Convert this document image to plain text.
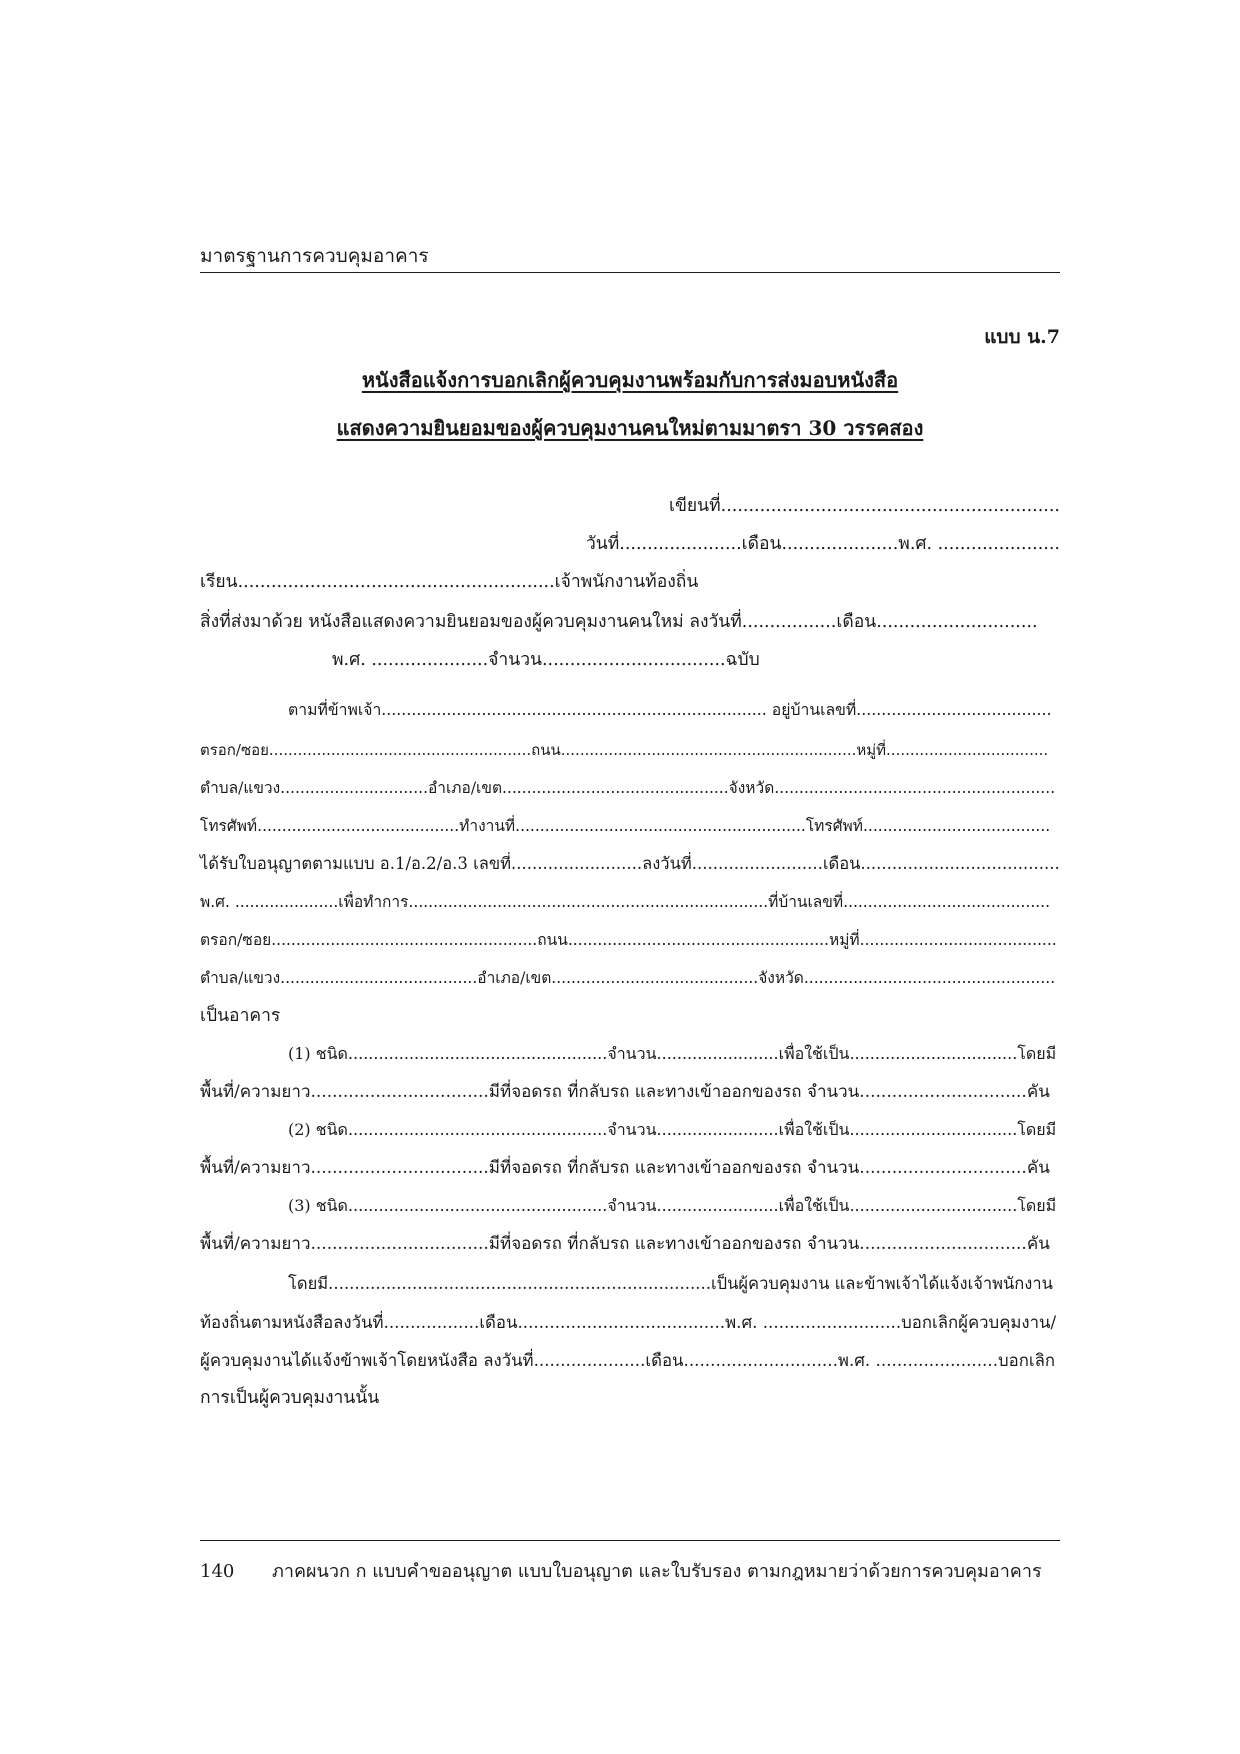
มาตรฐานการควบคุมอาคาร
แบบ น.7
หนังสือแจ้งการบอกเลิกผู้ควบคุมงานพร้อมกับการส่งมอบหนังสือ
แสดงความยินยอมของผู้ควบคุมงานคนใหม่ตามมาตรา 30 วรรคสอง
เขียนที่.............................................................
วันที่......................เดือน.....................พ.ศ. ......................
เรียน.........................................................เจ้าพนักงานท้องถิ่น
สิ่งที่ส่งมาด้วย หนังสือแสดงความยินยอมของผู้ควบคุมงานคนใหม่ ลงวันที่.................เดือน.............................
พ.ศ. .....................จำนวน.................................ฉบับ
ตามที่ข้าพเจ้า............................................................................. อยู่บ้านเลขที่.......................................
ตรอก/ซอย.......................................................ถนน..............................................................หมู่ที่..................................
ตำบล/แขวง..............................อำเภอ/เขต..............................................จังหวัด.........................................................
โทรศัพท์.........................................ทำงานที่...........................................................โทรศัพท์......................................
ได้รับใบอนุญาตตามแบบ อ.1/อ.2/อ.3 เลขที่.........................ลงวันที่.........................เดือน......................................
พ.ศ. .....................เพื่อทำการ.........................................................................ที่บ้านเลขที่..........................................
ตรอก/ซอย......................................................ถนน.....................................................หมู่ที่........................................
ตำบล/แขวง........................................อำเภอ/เขต..........................................จังหวัด...................................................
เป็นอาคาร
(1) ชนิด...................................................จำนวน........................เพื่อใช้เป็น.................................โดยมี
พื้นที่/ความยาว.................................มีที่จอดรถ ที่กลับรถ และทางเข้าออกของรถ จำนวน...............................คัน
(2) ชนิด...................................................จำนวน........................เพื่อใช้เป็น.................................โดยมี
พื้นที่/ความยาว.................................มีที่จอดรถ ที่กลับรถ และทางเข้าออกของรถ จำนวน...............................คัน
(3) ชนิด...................................................จำนวน........................เพื่อใช้เป็น.................................โดยมี
พื้นที่/ความยาว.................................มีที่จอดรถ ที่กลับรถ และทางเข้าออกของรถ จำนวน...............................คัน
โดยมี.........................................................................เป็นผู้ควบคุมงาน และข้าพเจ้าได้แจ้งเจ้าพนักงาน
ท้องถิ่นตามหนังสือลงวันที่..................เดือน.......................................พ.ศ. ..........................บอกเลิกผู้ควบคุมงาน/
ผู้ควบคุมงานได้แจ้งข้าพเจ้าโดยหนังสือ ลงวันที่.....................เดือน.............................พ.ศ. .......................บอกเลิก
การเป็นผู้ควบคุมงานนั้น
140 ภาคผนวก ก แบบคำขออนุญาต แบบใบอนุญาต และใบรับรอง ตามกฎหมายว่าด้วยการควบคุมอาคาร
